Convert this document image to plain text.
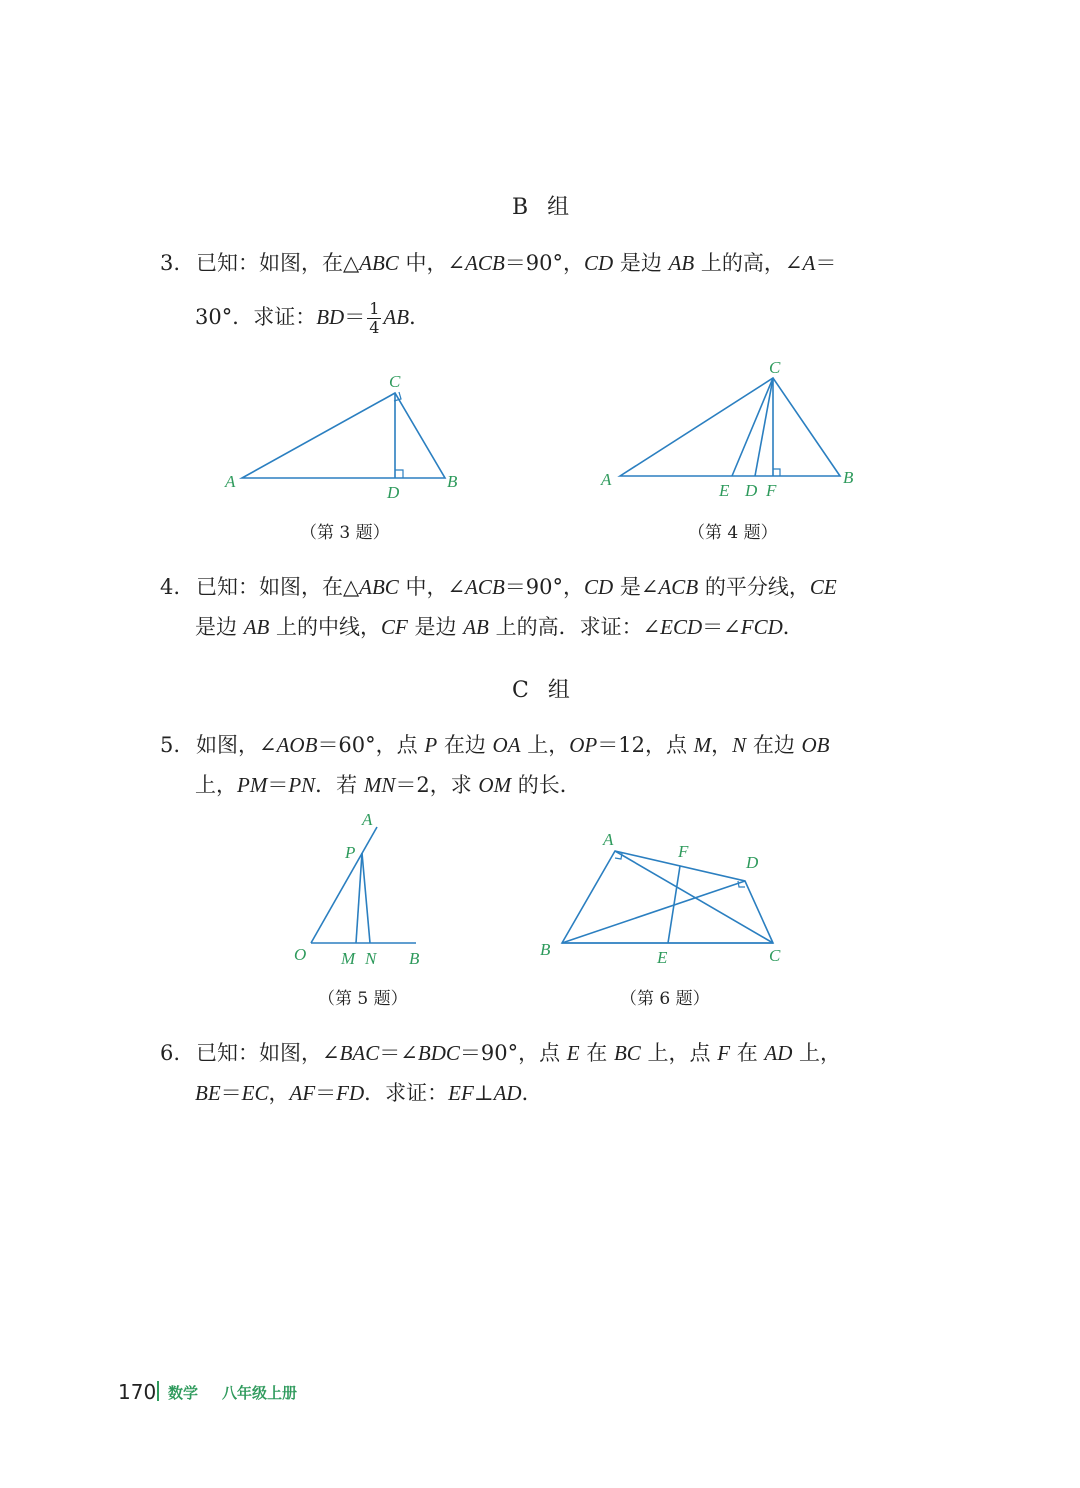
B 组
3. 已知：如图，在△ABC 中，∠ACB＝90°，CD 是边 AB 上的高，∠A＝
30°．求证：$BD= \frac{1}{4}$ AB．
A	B
C
D
（第 3 题）
A	B
C
E D F
（第 4 题）
4. 已知：如图，在△ABC 中，∠ACB＝90°，CD 是∠ACB 的平分线，CE
是边 AB 上的中线，CF 是边 AB 上的高．求证：∠ECD＝∠FCD．
C 组
5. 如图，∠AOB＝60°，点 P 在边 OA 上，OP＝12，点 M，N 在边 OB
上，PM＝PN．若 MN＝2，求 OM 的长．
A
P
O M N B
（第 5 题）
A
F
D
B	E	C
（第 6 题）
6. 已知：如图，∠BAC＝∠BDC＝90°，点 E 在 BC 上，点 F 在 AD 上，
BE＝EC，AF＝FD．求证：EF⊥AD．
170 数学 八年级上册
